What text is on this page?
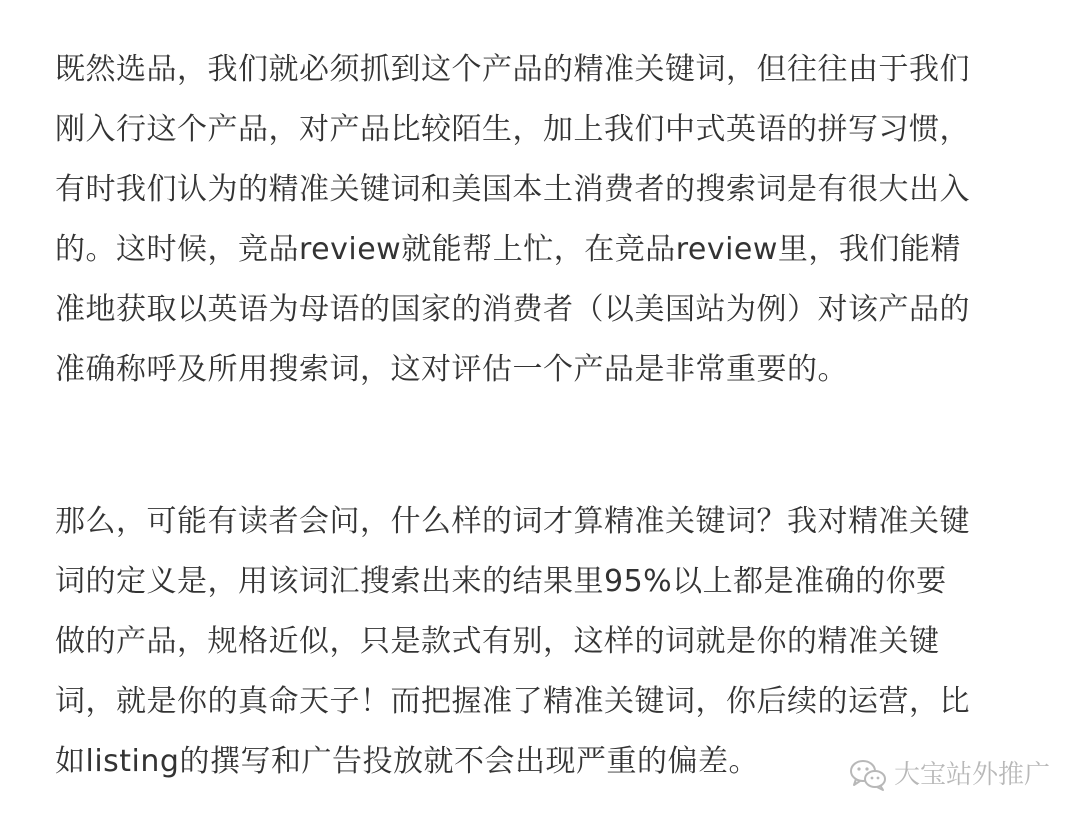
既然选品，我们就必须抓到这个产品的精准关键词，但往往由于我们

刚入行这个产品，对产品比较陌生，加上我们中式英语的拼写习惯，

有时我们认为的精准关键词和美国本土消费者的搜索词是有很大出入

的。这时候，竞品review就能帮上忙，在竞品review里，我们能精

准地获取以英语为母语的国家的消费者（以美国站为例）对该产品的

准确称呼及所用搜索词，这对评估一个产品是非常重要的。

那么，可能有读者会问，什么样的词才算精准关键词？我对精准关键

词的定义是，用该词汇搜索出来的结果里95%以上都是准确的你要

做的产品，规格近似，只是款式有别，这样的词就是你的精准关键

词，就是你的真命天子！而把握准了精准关键词，你后续的运营，比

如listing的撰写和广告投放就不会出现严重的偏差。	大宝站外推广
